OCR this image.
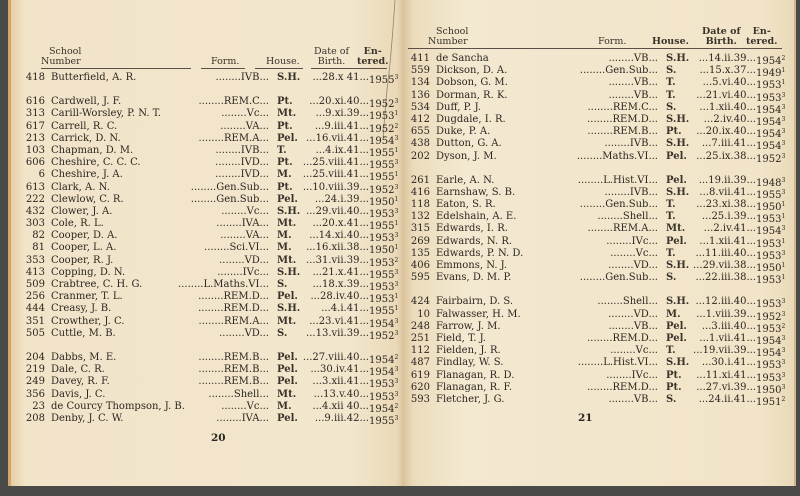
School
Number	Form.	House.
Date of
Birth.
En-
tered.
418 Butterfield, A. R.	........IVB... S.H. ...28.x 41... 1955$^3$
616 Cardwell, J. F.	........REM.C... Pt. ...20.xi.40... 1952$^3$
313 Carill-Worsley, P. N. T.	........Vc... Mt. ...9.xi.39... 1953$^1$
617 Carrell, R. C.	........VA... Pt. ...9.iii.41... 1952$^2$
213 Carrick, D. N.	........REM.A... Pel. ...16.vii.41... 1954$^3$
103 Chapman, D. M.	........IVB... T.	...4.ix.41... 1955$^1$
606 Cheshire, C. C. C.	........IVD... Pt. ...25.viii.41... 1955$^3$
6 Cheshire, J. A.	........IVD... M. ...25.viii.41... 1955$^1$
613 Clark, A. N.	........Gen.Sub... Pt. ...10.viii.39... 1952$^3$
222 Clewlow, C. R.	........Gen.Sub... Pel. ...24.i.39... 1950$^1$
432 Clower, J. A.	........Vc... S.H. ...29.vii.40... 1953$^3$
303 Cole, R. L.	........IVA... Mt. ...20.x.41... 1955$^1$
82 Cooper, D. A.	........VA... M. ...14.xi.40... 1953$^3$
81 Cooper, L. A.	........Sci.VI... M. ...16.xii.38... 1950$^1$
353 Cooper, R. J.	........VD... Mt. ...31.vii.39... 1953$^2$
413 Copping, D. N.	........IVc... S.H. ...21.x.41... 1955$^3$
509 Crabtree, C. H. G.	........L.Maths.VI... S.	...18.x.39... 1953$^3$
256 Cranmer, T. L.	........REM.D... Pel. ...28.iv.40... 1953$^1$
444 Creasy, J. B.	........REM.D... S.H. ...4.i.41... 1955$^1$
351 Crowther, J. C.	........REM.A... Mt. ...23.vi.41... 1954$^3$
505 Cuttle, M. B.	........VD... S. ...13.vii.39... 1952$^3$
204 Dabbs, M. E.	........REM.B... Pel. ...27.viii.40... 1954$^2$
219 Dale, C. R.	........REM.B... Pel. ...30.iv.41... 1954$^3$
249 Davey, R. F.	........REM.B... Pel. ...3.xii.41... 1953$^3$
356 Davis, J. C.	........Shell... Mt. ...13.v.40... 1953$^3$
23 de Courcy Thompson, J. B.	........Vc... M. ...4.xii 40... 1954$^2$
208 Denby, J. C. W.	........IVA... Pel. ...9.iii.42... 1955$^3$
20
School
Number	Form.	House.
Date of
Birth.
En-
tered.
411 de Sancha	........VB... S.H. ...14.ii.39... 1954$^2$
559 Dickson, D. A.	........Gen.Sub... S. ...15.x.37... 1949$^1$
134 Dobson, G. M.	........VB... T.	...5.vi.40... 1953$^1$
136 Dorman, R. K.	........VB... T. ...21.vi.40... 1953$^3$
534 Duff, P. J.	........REM.C... S. ...1.xii.40... 1954$^3$
412 Dugdale, I. R.	........REM.D... S.H. ...2.iv.40... 1954$^3$
655 Duke, P. A.	........REM.B... Pt. ...20.ix.40... 1954$^3$
438 Dutton, G. A.	........IVB... S.H. ...7.iii.41... 1954$^3$
202 Dyson, J. M.	........Maths.VI... Pel. ...25.ix.38... 1952$^3$
261 Earle, A. N.	........L.Hist.VI... Pel. ...19.ii.39... 1948$^3$
416 Earnshaw, S. B.	........IVB... S.H. ...8.vii.41... 1955$^3$
118 Eaton, S. R.	........Gen.Sub... T. ...23.xi.38... 1950$^1$
132 Edelshain, A. E.	........Shell... T.	...25.i.39... 1953$^1$
315 Edwards, I. R.	........REM.A... Mt. ...2.iv.41... 1954$^3$
269 Edwards, N. R.	........IVc... Pel. ...1.xii.41... 1953$^1$
135 Edwards, P. N. D.	........Vc... T. ...11.iii.40... 1953$^3$
406 Emmons, N. J.	........VD... S.H. ...29.vii.38... 1950$^1$
595 Evans, D. M. P.	........Gen.Sub... S. ...22.iii.38... 1953$^1$
424 Fairbairn, D. S.	........Shell... S.H. ...12.iii.40... 1953$^3$
10 Falwasser, H. M.	........VD... M. ...1.viii.39... 1952$^3$
248 Farrow, J. M.	........VB... Pel. ...3.iii.40... 1953$^2$
251 Field, T. J.	........REM.D... Pel. ...1.vii.41... 1954$^3$
112 Fielden, J. R.	........Vc... T. ...19.vii.39... 1954$^3$
487 Findlay, W. S.	........L.Hist.VI... S.H. ...30.i.41... 1953$^3$
619 Flanagan, R. D.	........IVc... Pt. ...11.xi.41... 1953$^3$
620 Flanagan, R. F.	........REM.D... Pt. ...27.vi.39... 1950$^3$
593 Fletcher, J. G.	........VB... S. ...24.ii.41... 1951$^2$
21
